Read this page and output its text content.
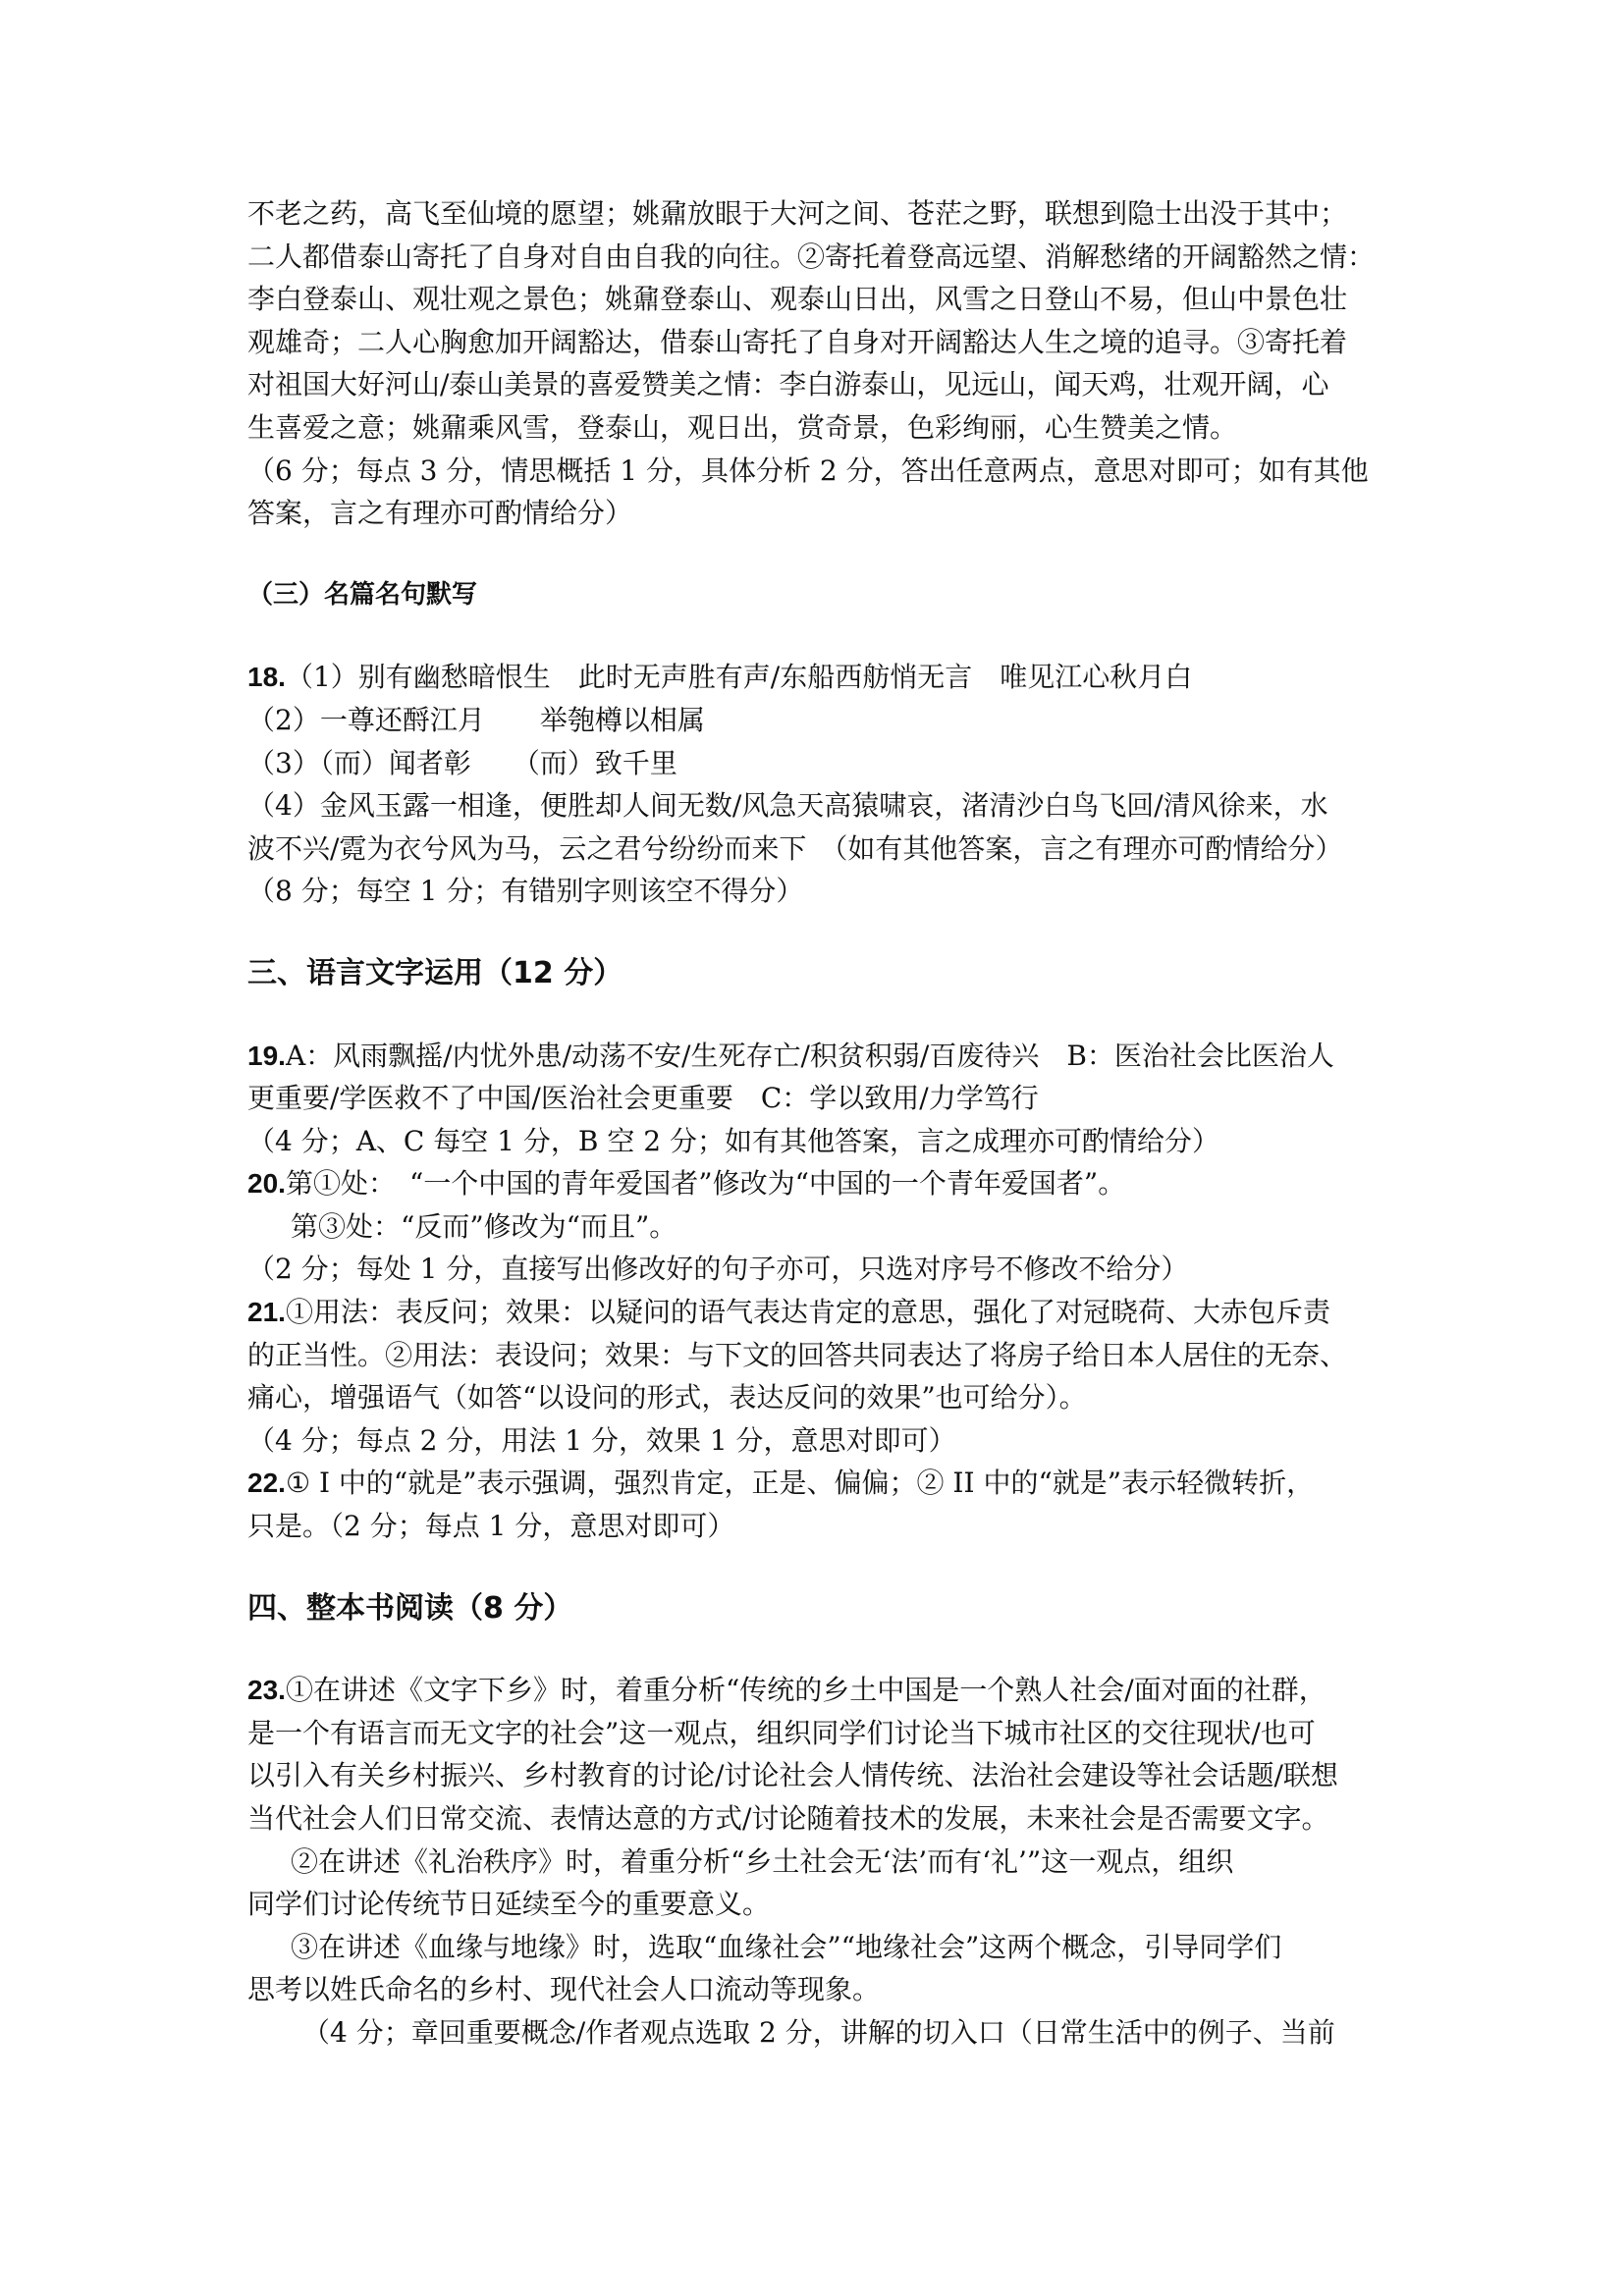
不老之药，高飞至仙境的愿望；姚鼐放眼于大河之间、苍茫之野，联想到隐士出没于其中；

二人都借泰山寄托了自身对自由自我的向往。②寄托着登高远望、消解愁绪的开阔豁然之情：

李白登泰山、观壮观之景色；姚鼐登泰山、观泰山日出，风雪之日登山不易，但山中景色壮

观雄奇；二人心胸愈加开阔豁达，借泰山寄托了自身对开阔豁达人生之境的追寻。③寄托着

对祖国大好河山/泰山美景的喜爱赞美之情：李白游泰山，见远山，闻天鸡，壮观开阔，心

生喜爱之意；姚鼐乘风雪，登泰山，观日出，赏奇景，色彩绚丽，心生赞美之情。

（6 分；每点 3 分，情思概括 1 分，具体分析 2 分，答出任意两点，意思对即可；如有其他

答案，言之有理亦可酌情给分）

（三）名篇名句默写

18.（1）别有幽愁暗恨生　此时无声胜有声/东船西舫悄无言　唯见江心秋月白

（2）一尊还酹江月　　举匏樽以相属

（3）（而）闻者彰　　（而）致千里

（4）金风玉露一相逢，便胜却人间无数/风急天高猿啸哀，渚清沙白鸟飞回/清风徐来，水

波不兴/霓为衣兮风为马，云之君兮纷纷而来下　（如有其他答案，言之有理亦可酌情给分）

（8 分；每空 1 分；有错别字则该空不得分）

三、语言文字运用（12 分）

19.A：风雨飘摇/内忧外患/动荡不安/生死存亡/积贫积弱/百废待兴　B：医治社会比医治人

更重要/学医救不了中国/医治社会更重要　C：学以致用/力学笃行

（4 分；A、C 每空 1 分，B 空 2 分；如有其他答案，言之成理亦可酌情给分）

20.第①处：　“一个中国的青年爱国者”修改为“中国的一个青年爱国者”。

第③处：“反而”修改为“而且”。

（2 分；每处 1 分，直接写出修改好的句子亦可，只选对序号不修改不给分）

21.①用法：表反问；效果：以疑问的语气表达肯定的意思，强化了对冠晓荷、大赤包斥责

的正当性。②用法：表设问；效果：与下文的回答共同表达了将房子给日本人居住的无奈、

痛心，增强语气（如答“以设问的形式，表达反问的效果”也可给分）。

（4 分；每点 2 分，用法 1 分，效果 1 分，意思对即可）

22.① I 中的“就是”表示强调，强烈肯定，正是、偏偏；② II 中的“就是”表示轻微转折，

只是。（2 分；每点 1 分，意思对即可）

四、整本书阅读（8 分）

23.①在讲述《文字下乡》时，着重分析“传统的乡土中国是一个熟人社会/面对面的社群，

是一个有语言而无文字的社会”这一观点，组织同学们讨论当下城市社区的交往现状/也可

以引入有关乡村振兴、乡村教育的讨论/讨论社会人情传统、法治社会建设等社会话题/联想

当代社会人们日常交流、表情达意的方式/讨论随着技术的发展，未来社会是否需要文字。

②在讲述《礼治秩序》时，着重分析“乡土社会无‘法’而有‘礼’”这一观点，组织

同学们讨论传统节日延续至今的重要意义。

③在讲述《血缘与地缘》时，选取“血缘社会”“地缘社会”这两个概念，引导同学们

思考以姓氏命名的乡村、现代社会人口流动等现象。

（4 分；章回重要概念/作者观点选取 2 分，讲解的切入口（日常生活中的例子、当前
